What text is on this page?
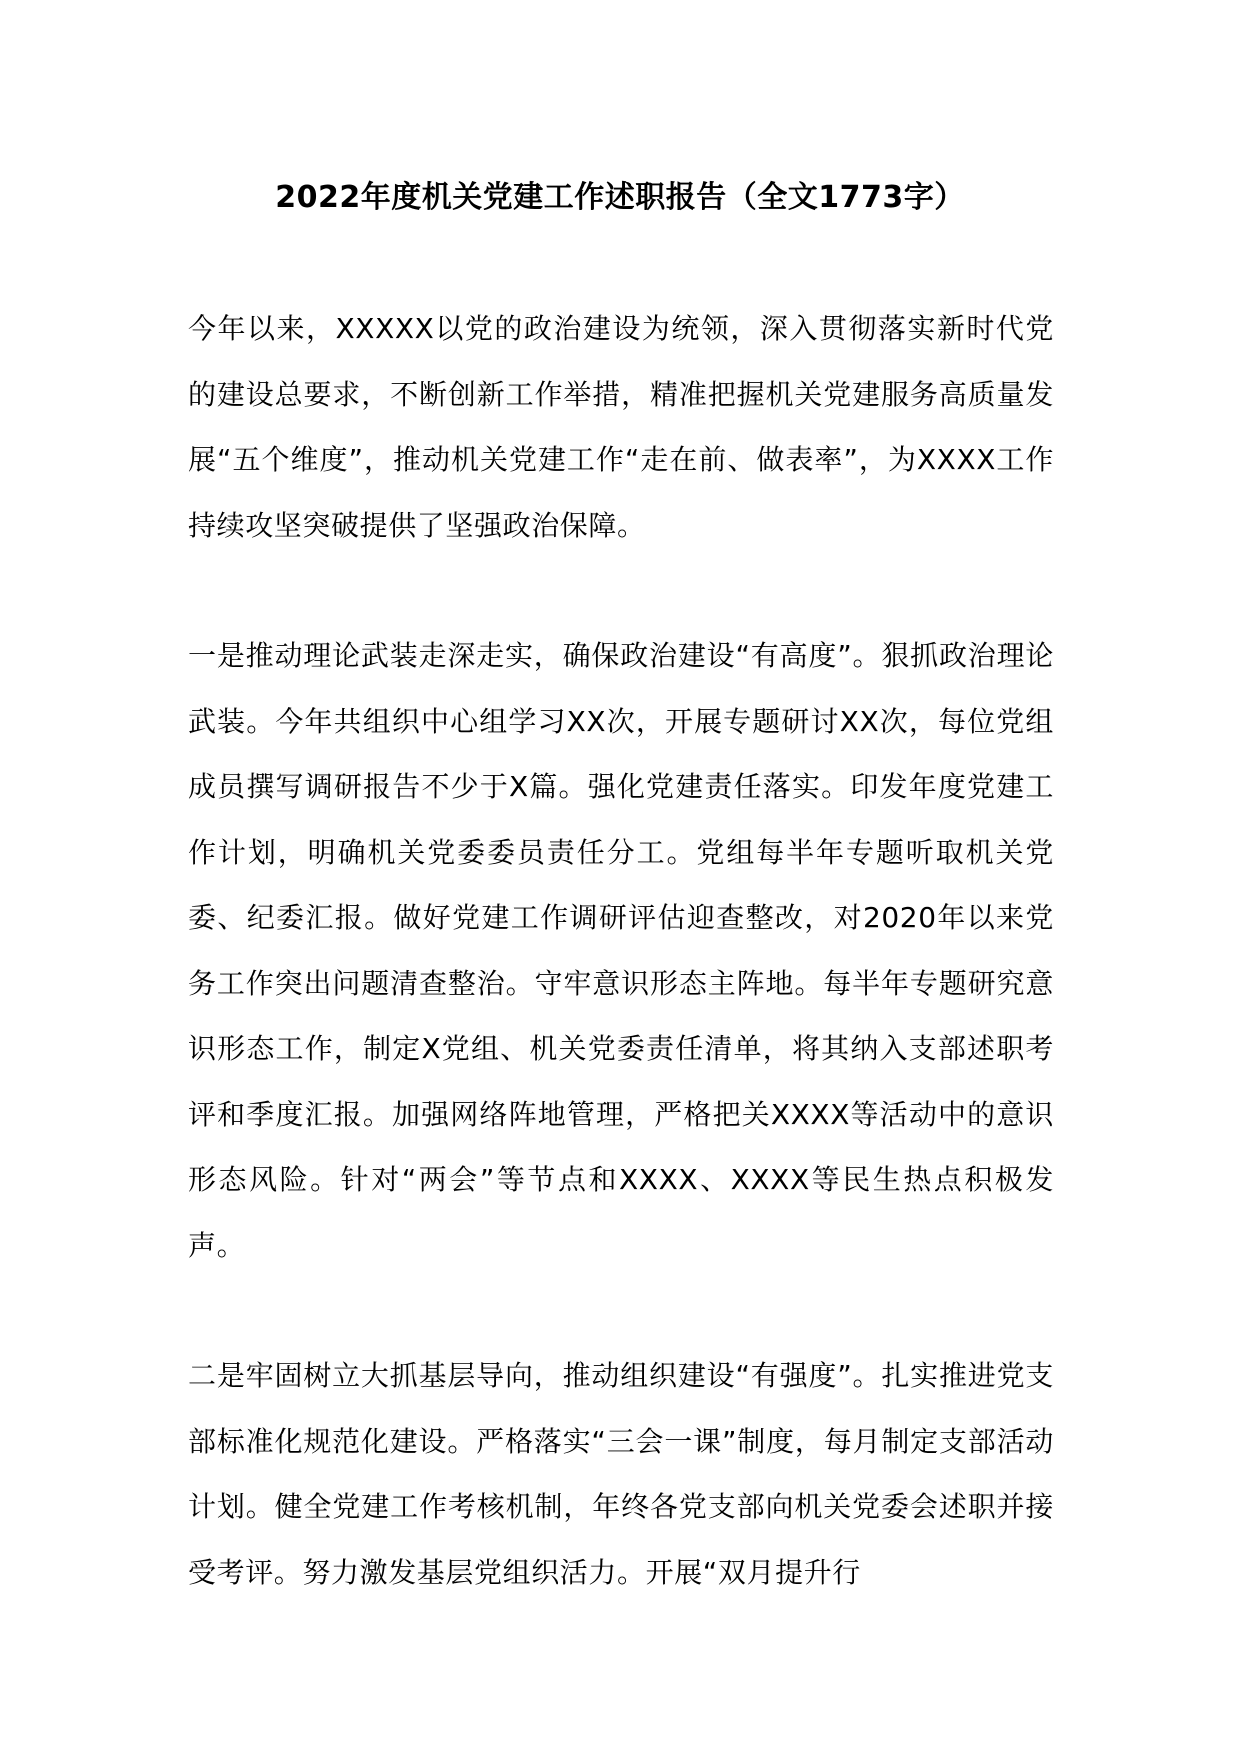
2022年度机关党建工作述职报告（全文1773字）

今年以来，XXXXX以党的政治建设为统领，深入贯彻落实新时代党的建设总要求，不断创新工作举措，精准把握机关党建服务高质量发展“五个维度”，推动机关党建工作“走在前、做表率”，为XXXX工作持续攻坚突破提供了坚强政治保障。

一是推动理论武装走深走实，确保政治建设“有高度”。狠抓政治理论武装。今年共组织中心组学习XX次，开展专题研讨XX次，每位党组成员撰写调研报告不少于X篇。强化党建责任落实。印发年度党建工作计划，明确机关党委委员责任分工。党组每半年专题听取机关党委、纪委汇报。做好党建工作调研评估迎查整改，对2020年以来党务工作突出问题清查整治。守牢意识形态主阵地。每半年专题研究意识形态工作，制定X党组、机关党委责任清单，将其纳入支部述职考评和季度汇报。加强网络阵地管理，严格把关XXXX等活动中的意识形态风险。针对“两会”等节点和XXXX、XXXX等民生热点积极发声。

二是牢固树立大抓基层导向，推动组织建设“有强度”。扎实推进党支部标准化规范化建设。严格落实“三会一课”制度，每月制定支部活动计划。健全党建工作考核机制，年终各党支部向机关党委会述职并接受考评。努力激发基层党组织活力。开展“双月提升行
